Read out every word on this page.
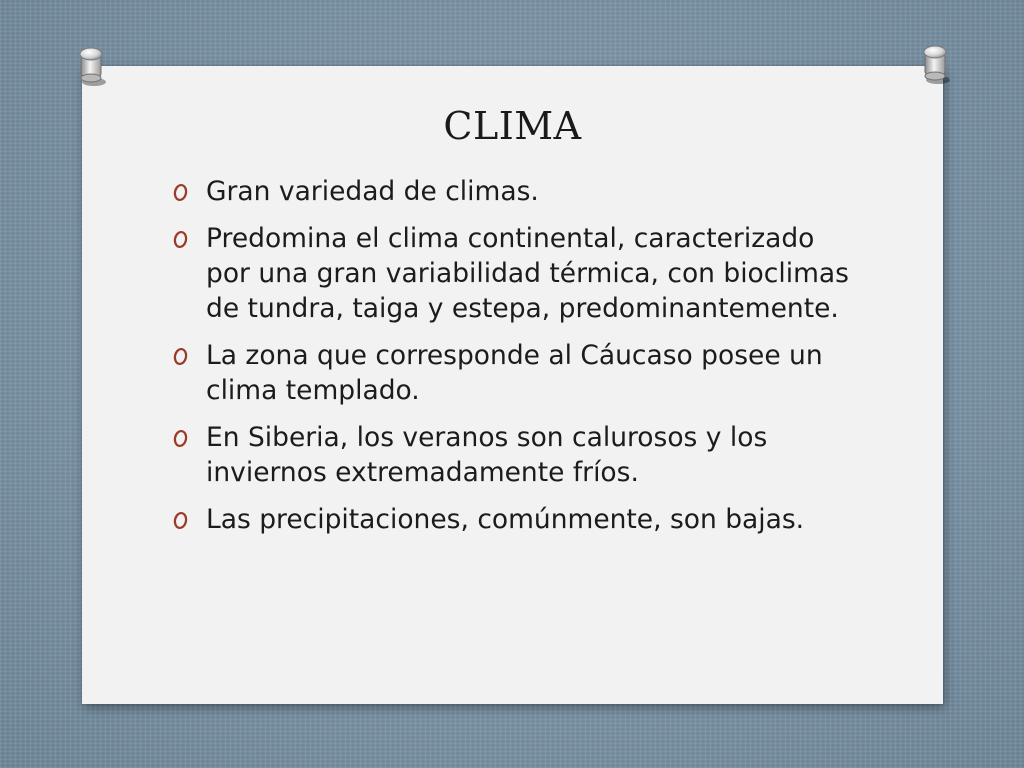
CLIMA
Gran variedad de climas.
Predomina el clima continental, caracterizado por una gran variabilidad térmica, con bioclimas de tundra, taiga y estepa, predominantemente.
La zona que corresponde al Cáucaso posee un clima templado.
En Siberia, los veranos son calurosos y los inviernos extremadamente fríos.
Las precipitaciones, comúnmente, son bajas.
